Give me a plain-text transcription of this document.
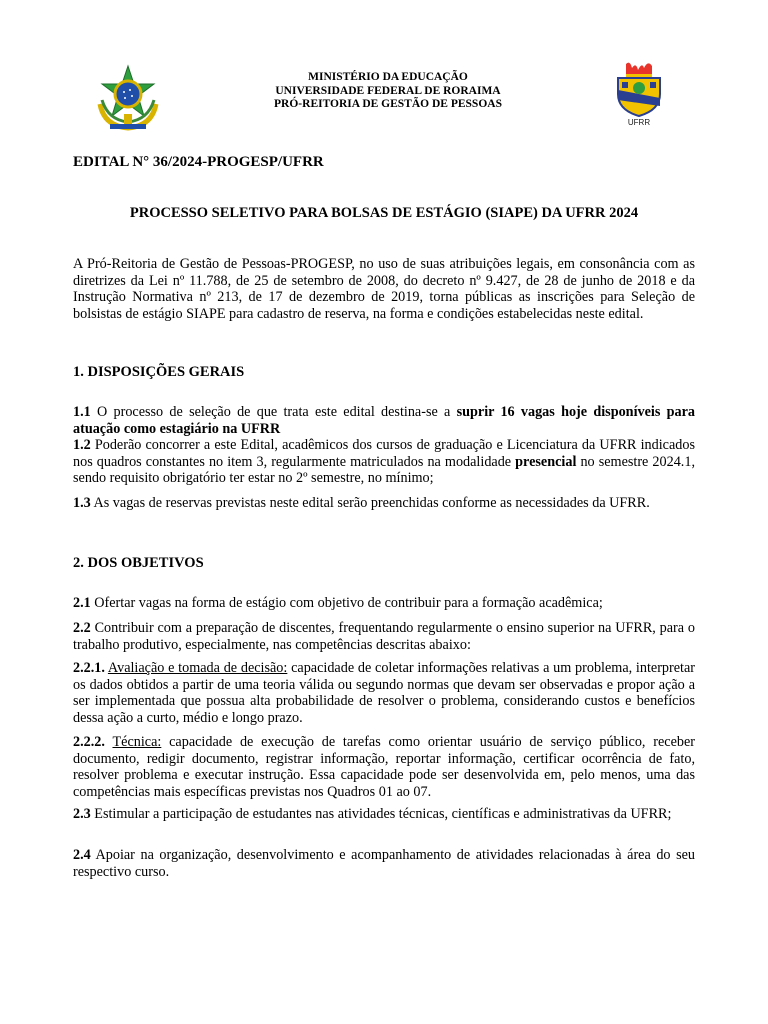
MINISTÉRIO DA EDUCAÇÃO
UNIVERSIDADE FEDERAL DE RORAIMA
PRÓ-REITORIA DE GESTÃO DE PESSOAS
UFRR
EDITAL N° 36/2024-PROGESP/UFRR
PROCESSO SELETIVO PARA BOLSAS DE ESTÁGIO (SIAPE) DA UFRR 2024
A Pró-Reitoria de Gestão de Pessoas-PROGESP, no uso de suas atribuições legais, em consonância com as diretrizes da Lei nº 11.788, de 25 de setembro de 2008, do decreto nº 9.427, de 28 de junho de 2018 e da Instrução Normativa nº 213, de 17 de dezembro de 2019, torna públicas as inscrições para Seleção de bolsistas de estágio SIAPE para cadastro de reserva, na forma e condições estabelecidas neste edital.
1. DISPOSIÇÕES GERAIS
1.1 O processo de seleção de que trata este edital destina-se a suprir 16 vagas hoje disponíveis para atuação como estagiário na UFRR
1.2 Poderão concorrer a este Edital, acadêmicos dos cursos de graduação e Licenciatura da UFRR indicados nos quadros constantes no item 3, regularmente matriculados na modalidade presencial no semestre 2024.1, sendo requisito obrigatório ter estar no 2º semestre, no mínimo;
1.3 As vagas de reservas previstas neste edital serão preenchidas conforme as necessidades da UFRR.
2. DOS OBJETIVOS
2.1 Ofertar vagas na forma de estágio com objetivo de contribuir para a formação acadêmica;
2.2 Contribuir com a preparação de discentes, frequentando regularmente o ensino superior na UFRR, para o trabalho produtivo, especialmente, nas competências descritas abaixo:
2.2.1. Avaliação e tomada de decisão: capacidade de coletar informações relativas a um problema, interpretar os dados obtidos a partir de uma teoria válida ou segundo normas que devam ser observadas e propor ação a ser implementada que possua alta probabilidade de resolver o problema, considerando custos e benefícios dessa ação a curto, médio e longo prazo.
2.2.2. Técnica: capacidade de execução de tarefas como orientar usuário de serviço público, receber documento, redigir documento, registrar informação, reportar informação, certificar ocorrência de fato, resolver problema e executar instrução. Essa capacidade pode ser desenvolvida em, pelo menos, uma das competências mais específicas previstas nos Quadros 01 ao 07.
2.3 Estimular a participação de estudantes nas atividades técnicas, científicas e administrativas da UFRR;
2.4 Apoiar na organização, desenvolvimento e acompanhamento de atividades relacionadas à área do seu respectivo curso.
